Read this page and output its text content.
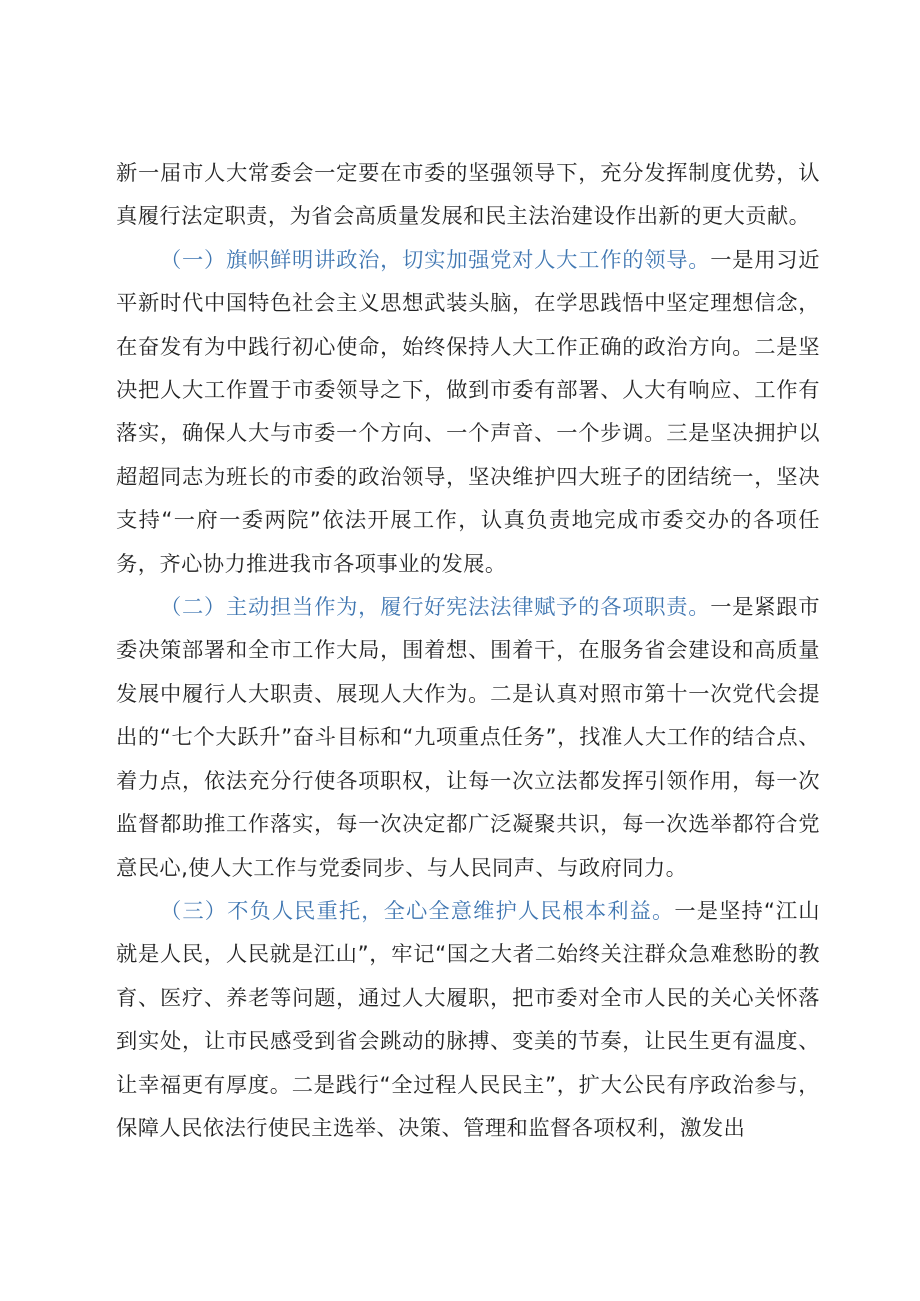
新一届市人大常委会一定要在市委的坚强领导下，充分发挥制度优势，认真履行法定职责，为省会高质量发展和民主法治建设作出新的更大贡献。

（一）旗帜鲜明讲政治，切实加强党对人大工作的领导。一是用习近平新时代中国特色社会主义思想武装头脑，在学思践悟中坚定理想信念，在奋发有为中践行初心使命，始终保持人大工作正确的政治方向。二是坚决把人大工作置于市委领导之下，做到市委有部署、人大有响应、工作有落实，确保人大与市委一个方向、一个声音、一个步调。三是坚决拥护以超超同志为班长的市委的政治领导，坚决维护四大班子的团结统一，坚决支持“一府一委两院”依法开展工作，认真负责地完成市委交办的各项任务，齐心协力推进我市各项事业的发展。

（二）主动担当作为，履行好宪法法律赋予的各项职责。一是紧跟市委决策部署和全市工作大局，围着想、围着干，在服务省会建设和高质量发展中履行人大职责、展现人大作为。二是认真对照市第十一次党代会提出的“七个大跃升”奋斗目标和“九项重点任务”，找准人大工作的结合点、着力点，依法充分行使各项职权，让每一次立法都发挥引领作用，每一次监督都助推工作落实，每一次决定都广泛凝聚共识，每一次选举都符合党意民心,使人大工作与党委同步、与人民同声、与政府同力。

（三）不负人民重托，全心全意维护人民根本利益。一是坚持“江山就是人民，人民就是江山”，牢记“国之大者二始终关注群众急难愁盼的教育、医疗、养老等问题，通过人大履职，把市委对全市人民的关心关怀落到实处，让市民感受到省会跳动的脉搏、变美的节奏，让民生更有温度、让幸福更有厚度。二是践行“全过程人民民主”，扩大公民有序政治参与，保障人民依法行使民主选举、决策、管理和监督各项权利，激发出
